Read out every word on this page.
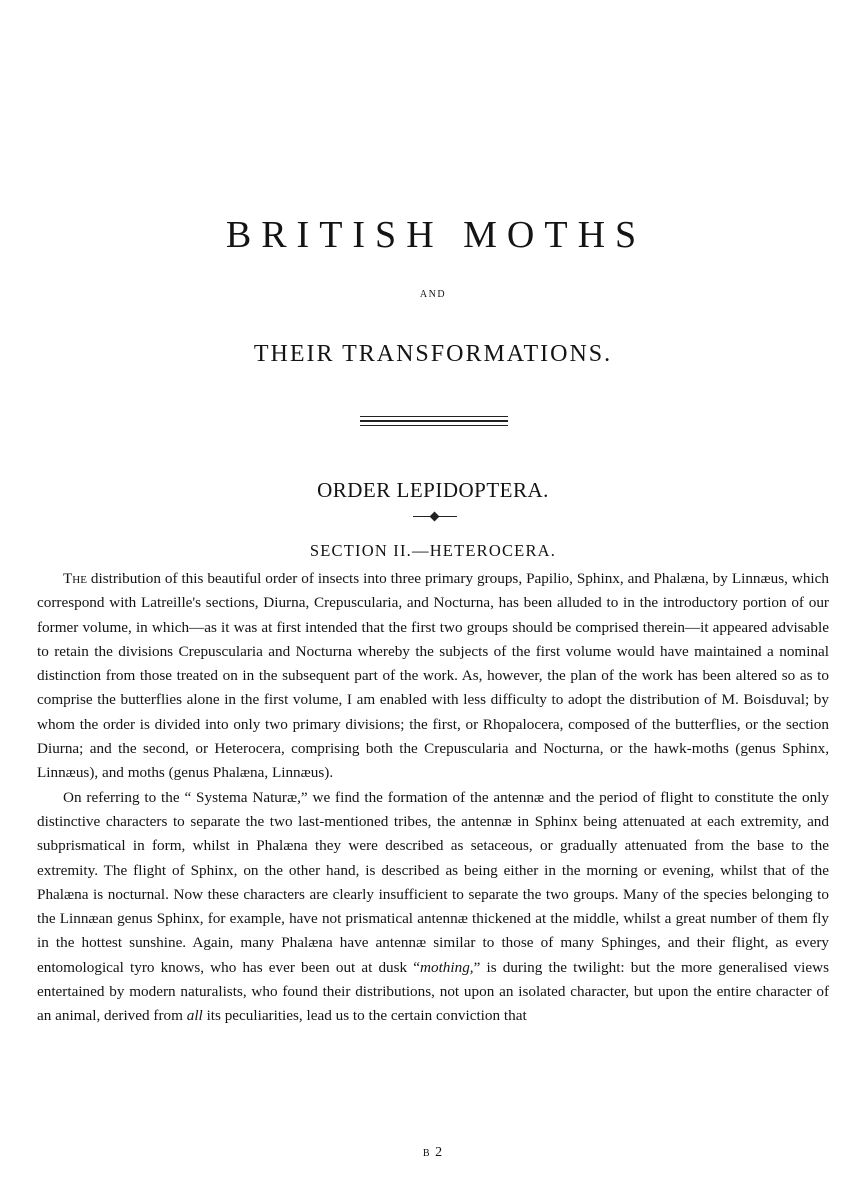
BRITISH MOTHS
AND
THEIR TRANSFORMATIONS.
ORDER LEPIDOPTERA.
SECTION II.—HETEROCERA.

The distribution of this beautiful order of insects into three primary groups, Papilio, Sphinx, and Phalæna, by Linnæus, which correspond with Latreille's sections, Diurna, Crepuscularia, and Nocturna, has been alluded to in the introductory portion of our former volume, in which—as it was at first intended that the first two groups should be comprised therein—it appeared advisable to retain the divisions Crepuscularia and Nocturna whereby the subjects of the first volume would have maintained a nominal distinction from those treated on in the subsequent part of the work. As, however, the plan of the work has been altered so as to comprise the butterflies alone in the first volume, I am enabled with less difficulty to adopt the distribution of M. Boisduval; by whom the order is divided into only two primary divisions; the first, or Rhopalocera, composed of the butterflies, or the section Diurna; and the second, or Heterocera, comprising both the Crepuscularia and Nocturna, or the hawk-moths (genus Sphinx, Linnæus), and moths (genus Phalæna, Linnæus).

On referring to the “ Systema Naturæ,” we find the formation of the antennæ and the period of flight to constitute the only distinctive characters to separate the two last-mentioned tribes, the antennæ in Sphinx being attenuated at each extremity, and subprismatical in form, whilst in Phalæna they were described as setaceous, or gradually attenuated from the base to the extremity. The flight of Sphinx, on the other hand, is described as being either in the morning or evening, whilst that of the Phalæna is nocturnal. Now these characters are clearly insufficient to separate the two groups. Many of the species belonging to the Linnæan genus Sphinx, for example, have not prismatical antennæ thickened at the middle, whilst a great number of them fly in the hottest sunshine. Again, many Phalæna have antennæ similar to those of many Sphinges, and their flight, as every entomological tyro knows, who has ever been out at dusk “mothing,” is during the twilight: but the more generalised views entertained by modern naturalists, who found their distributions, not upon an isolated character, but upon the entire character of an animal, derived from all its peculiarities, lead us to the certain conviction that

B 2
